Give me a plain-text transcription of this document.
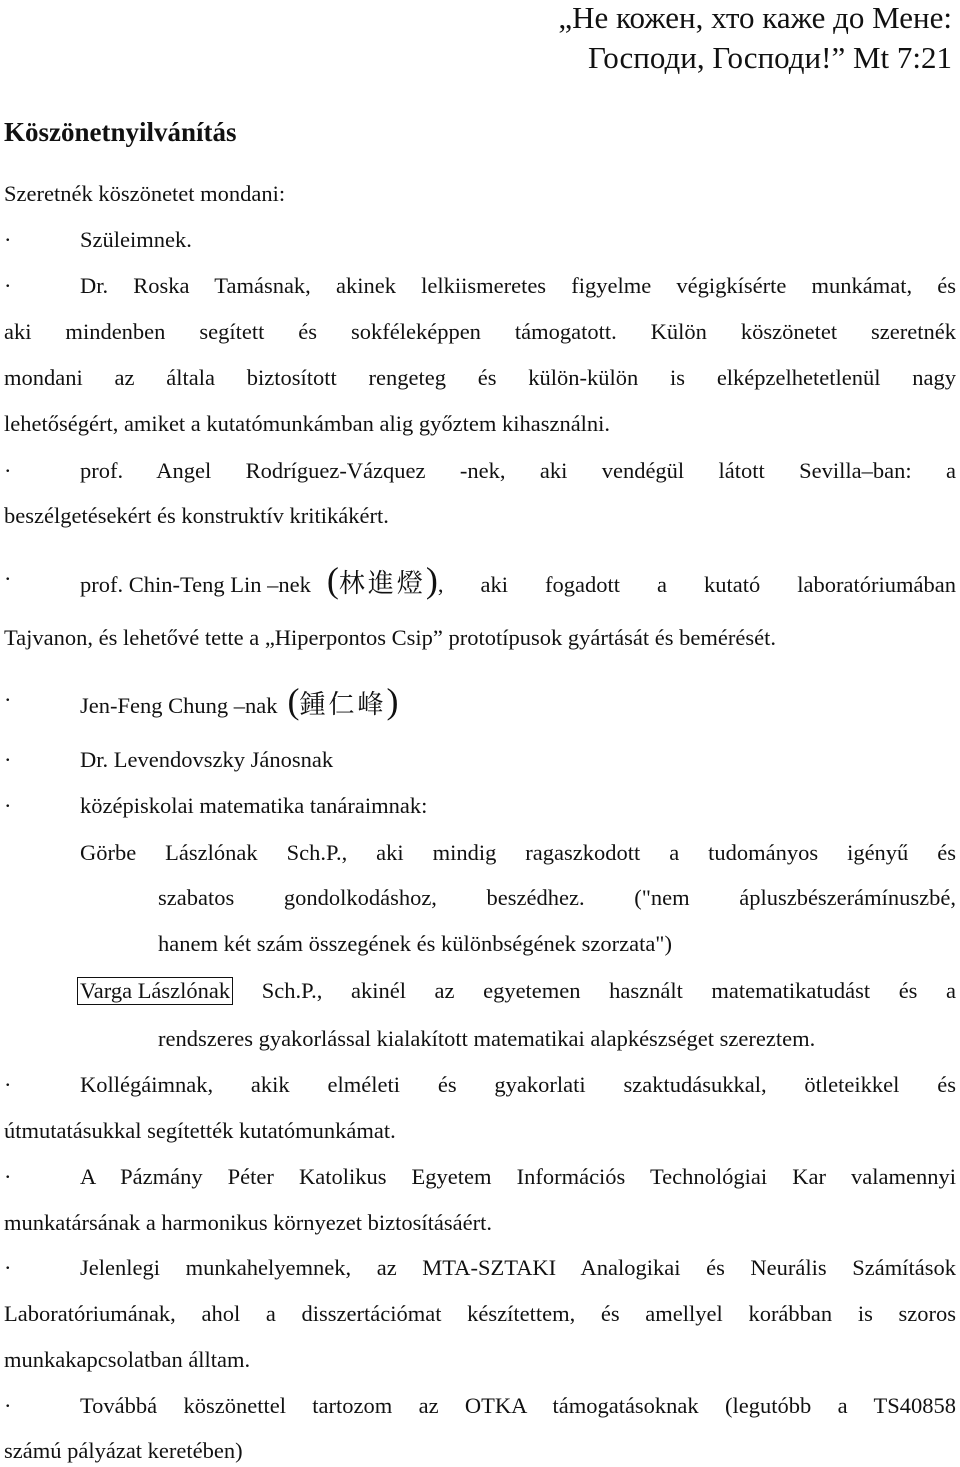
„Не кожен, хто каже до Мене:
Господи, Господи!” Mt 7:21
Köszönetnyilvánítás
Szeretnék köszönetet mondani:
·	Szüleimnek.
·	Dr. Roska Tamásnak, akinek lelkiismeretes figyelme végigkísérte munkámat, és
aki mindenben segített és sokféleképpen támogatott. Külön köszönetet szeretnék
mondani az általa biztosított rengeteg és külön-külön is elképzelhetetlenül nagy
lehetőségért, amiket a kutatómunkámban alig győztem kihasználni.
·	prof. Angel Rodríguez-Vázquez -nek, aki vendégül látott Sevilla–ban: a
beszélgetésekért és konstruktív kritikákért.
·	prof. Chin-Teng Lin –nek ( 林進燈 ) , aki fogadott a kutató laboratóriumában
Tajvanon, és lehetővé tette a „Hiperpontos Csip” prototípusok gyártását és bemérését.
·	Jen-Feng Chung –nak ( 鍾仁峰 )
·	Dr. Levendovszky Jánosnak
·	középiskolai matematika tanáraimnak:
Görbe Lászlónak Sch.P., aki mindig ragaszkodott a tudományos igényű és
szabatos gondolkodáshoz, beszédhez. ("nem ápluszbészerámínuszbé,
hanem két szám összegének és különbségének szorzata")
Varga Lászlónak Sch.P., akinél az egyetemen használt matematikatudást és a
rendszeres gyakorlással kialakított matematikai alapkészséget szereztem.
·	Kollégáimnak, akik elméleti és gyakorlati szaktudásukkal, ötleteikkel és
útmutatásukkal segítették kutatómunkámat.
·	A Pázmány Péter Katolikus Egyetem Információs Technológiai Kar valamennyi
munkatársának a harmonikus környezet biztosításáért.
·	Jelenlegi munkahelyemnek, az MTA-SZTAKI Analogikai és Neurális Számítások
Laboratóriumának, ahol a disszertációmat készítettem, és amellyel korábban is szoros
munkakapcsolatban álltam.
·	Továbbá köszönettel tartozom az OTKA támogatásoknak (legutóbb a TS40858
számú pályázat keretében)
